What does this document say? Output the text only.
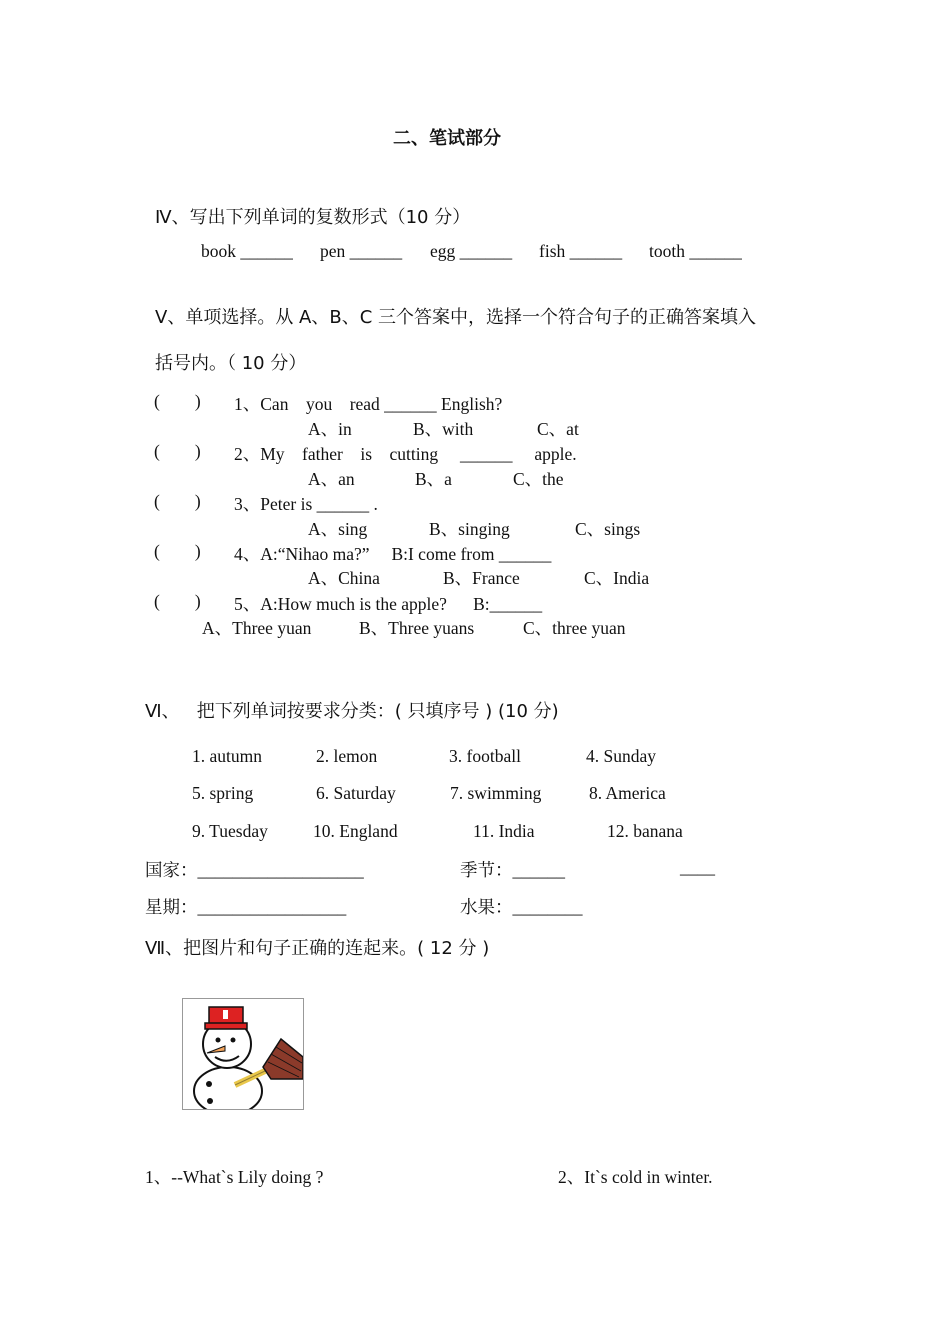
二、笔试部分
Ⅳ、写出下列单词的复数形式（10 分）
book ______ pen ______ egg ______ fish ______ tooth ______
Ⅴ、单项选择。从 A、B、C 三个答案中，选择一个符合句子的正确答案填入
括号内。（ 10 分）
(        ) 1、Can    you    read ______ English?
A、in	B、with	C、at
(        ) 2、My    father    is    cutting     ______     apple.
A、an	B、a	C、the
(        ) 3、Peter is ______ .
A、sing	B、singing	C、sings
(        ) 4、A:“Nihao ma?”     B:I come from ______
A、China	B、France	C、India
(        ) 5、A:How much is the apple?      B:______
A、Three yuan	B、Three yuans	C、three yuan
Ⅵ、   把下列单词按要求分类：( 只填序号 ) (10 分)
1. autumn	2. lemon	3. football	4. Sunday
5. spring	6. Saturday	7. swimming	8. America
9. Tuesday	10. England	11. India	12. banana
国家：___________________	季节：______	____
星期：_________________	水果：________
Ⅶ、把图片和句子正确的连起来。( 12 分 )
1、--What`s Lily doing ?	2、It`s cold in winter.
